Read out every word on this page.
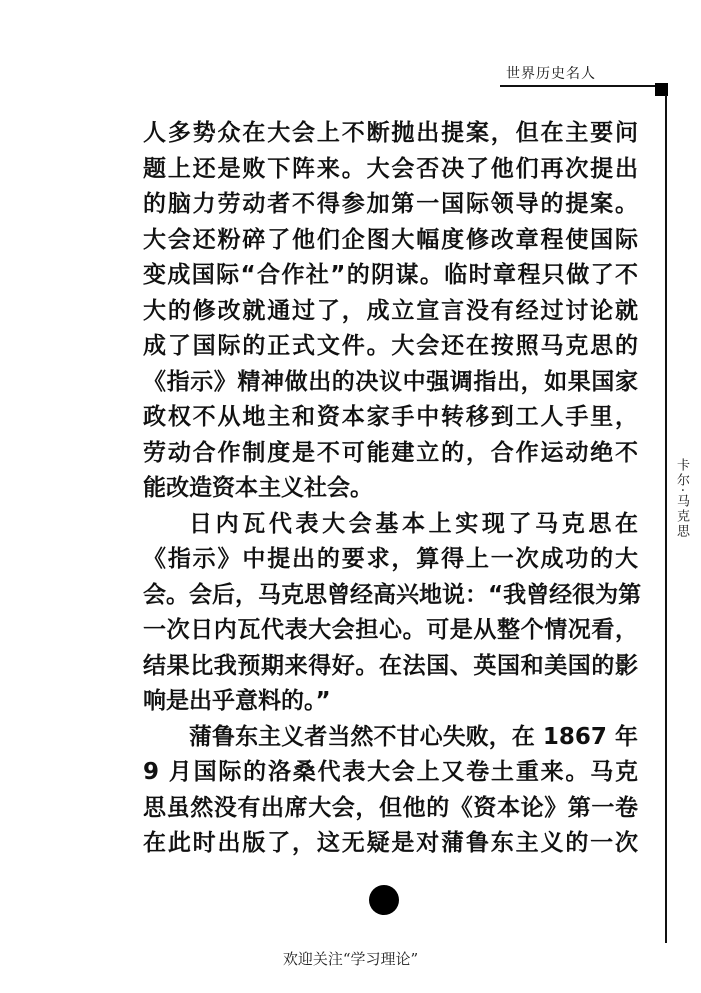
世界历史名人
卡尔·马克思
人多势众在大会上不断抛出提案，但在主要问
题上还是败下阵来。大会否决了他们再次提出
的脑力劳动者不得参加第一国际领导的提案。
大会还粉碎了他们企图大幅度修改章程使国际
变成国际“合作社”的阴谋。临时章程只做了不
大的修改就通过了，成立宣言没有经过讨论就
成了国际的正式文件。大会还在按照马克思的
《指示》精神做出的决议中强调指出，如果国家
政权不从地主和资本家手中转移到工人手里，
劳动合作制度是不可能建立的，合作运动绝不
能改造资本主义社会。
日内瓦代表大会基本上实现了马克思在
《指示》中提出的要求，算得上一次成功的大
会。会后，马克思曾经高兴地说：“我曾经很为第
一次日内瓦代表大会担心。可是从整个情况看，
结果比我预期来得好。在法国、英国和美国的影
响是出乎意料的。”
蒲鲁东主义者当然不甘心失败，在 1867 年
9 月国际的洛桑代表大会上又卷土重来。马克
思虽然没有出席大会，但他的《资本论》第一卷
在此时出版了，这无疑是对蒲鲁东主义的一次
欢迎关注“学习理论”
